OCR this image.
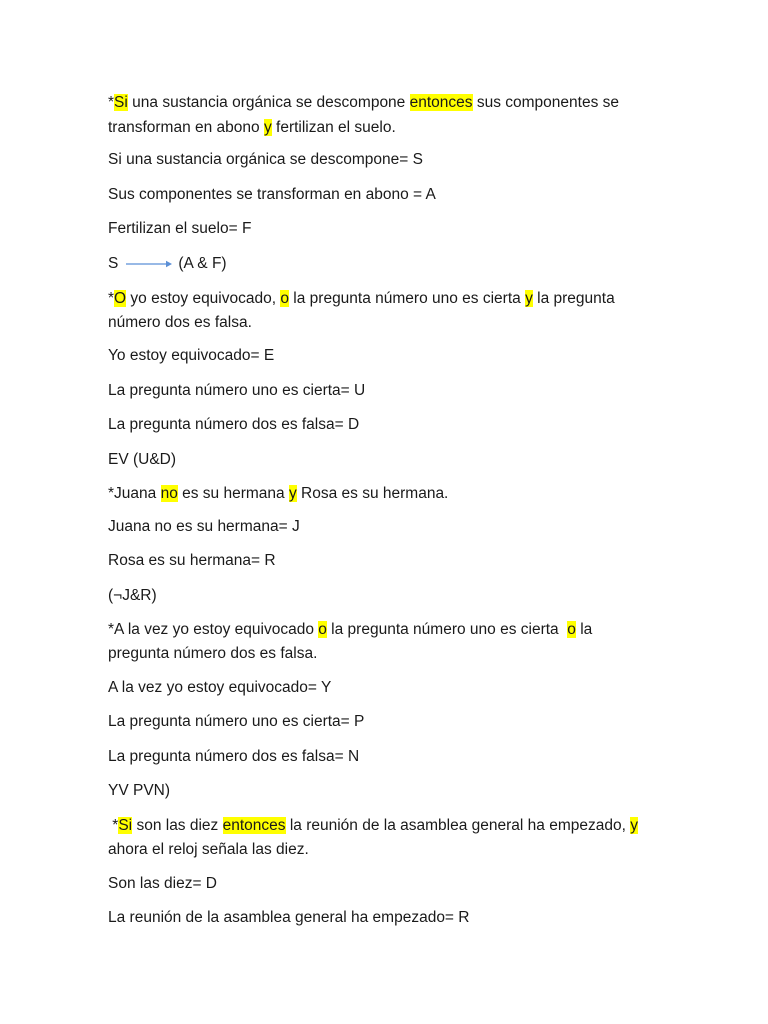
*Si una sustancia orgánica se descompone entonces sus componentes se
transforman en abono y fertilizan el suelo.
Si una sustancia orgánica se descompone= S
Sus componentes se transforman en abono = A
Fertilizan el suelo= F
S	(A & F)
*O yo estoy equivocado, o la pregunta número uno es cierta y la pregunta
número dos es falsa.
Yo estoy equivocado= E
La pregunta número uno es cierta= U
La pregunta número dos es falsa= D
EV (U&D)
*Juana no es su hermana y Rosa es su hermana.
Juana no es su hermana= J
Rosa es su hermana= R
(¬J&R)
*A la vez yo estoy equivocado o la pregunta número uno es cierta  o la
pregunta número dos es falsa.
A la vez yo estoy equivocado= Y
La pregunta número uno es cierta= P
La pregunta número dos es falsa= N
YV PVN)
*Si son las diez entonces la reunión de la asamblea general ha empezado, y
ahora el reloj señala las diez.
Son las diez= D
La reunión de la asamblea general ha empezado= R
